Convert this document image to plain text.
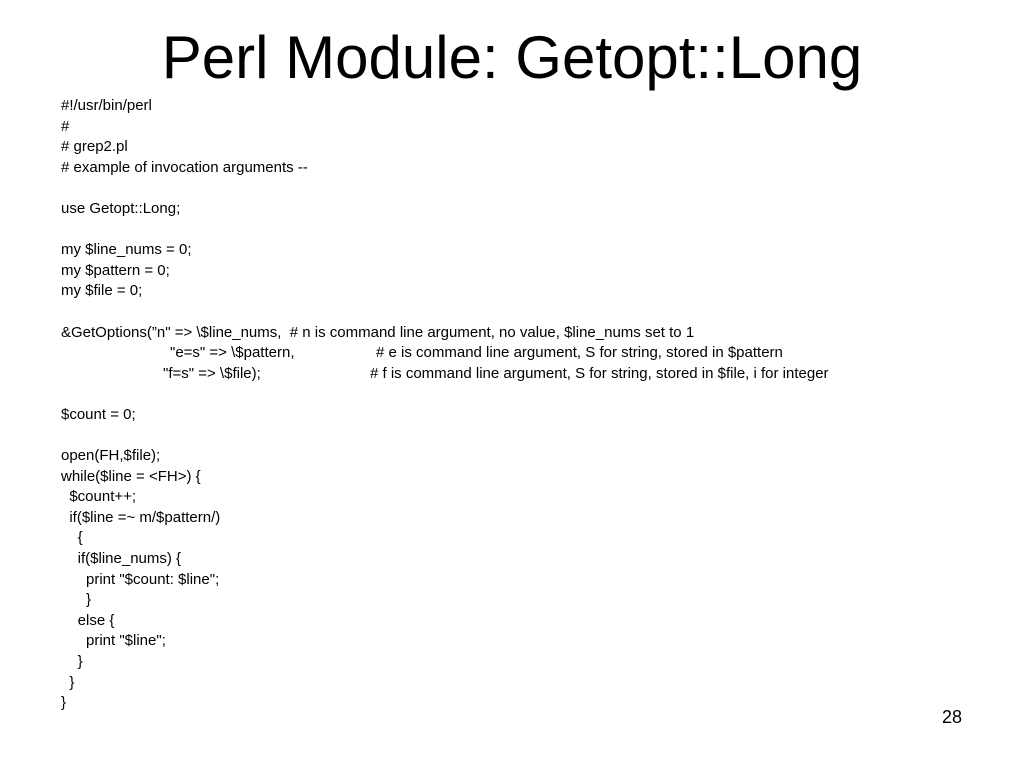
Perl Module: Getopt::Long
#!/usr/bin/perl
#
# grep2.pl
# example of invocation arguments --
use Getopt::Long;
my $line_nums = 0;
my $pattern = 0;
my $file = 0;
&GetOptions(”n" => \$line_nums,  # n is command line argument, no value, $line_nums set to 1
"e=s" => \$pattern,	# e is command line argument, S for string, stored in $pattern
"f=s" => \$file);	# f is command line argument, S for string, stored in $file, i for integer
$count = 0;
open(FH,$file);
while($line = <FH>) {
$count++;
if($line =~ m/$pattern/)
{
if($line_nums) {
print "$count: $line";
}
else {
print "$line";
}
}
}
28
